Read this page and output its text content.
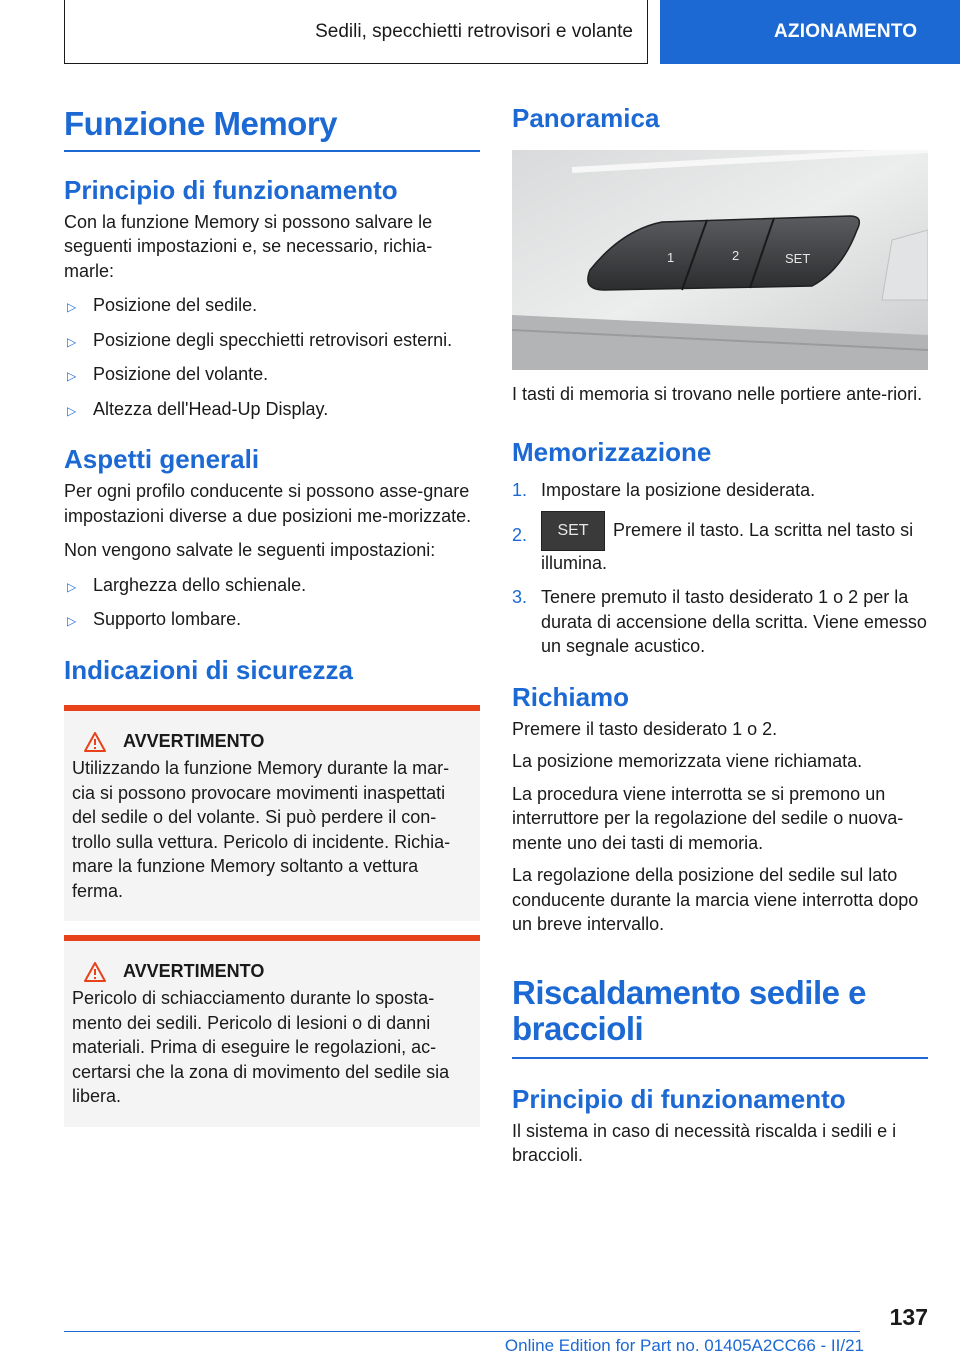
Sedili, specchietti retrovisori e volante	AZIONAMENTO
Funzione Memory
Principio di funzionamento
Con la funzione Memory si possono salvare le seguenti impostazioni e, se necessario, richia-marle:
▷ Posizione del sedile.
▷ Posizione degli specchietti retrovisori esterni.
▷ Posizione del volante.
▷ Altezza dell'Head-Up Display.
Aspetti generali
Per ogni profilo conducente si possono asse-gnare impostazioni diverse a due posizioni me-morizzate.
Non vengono salvate le seguenti impostazioni:
▷ Larghezza dello schienale.
▷ Supporto lombare.
Indicazioni di sicurezza
AVVERTIMENTO
Utilizzando la funzione Memory durante la mar-cia si possono provocare movimenti inaspettati del sedile o del volante. Si può perdere il con-trollo sulla vettura. Pericolo di incidente. Richia-mare la funzione Memory soltanto a vettura ferma.
AVVERTIMENTO
Pericolo di schiacciamento durante lo sposta-mento dei sedili. Pericolo di lesioni o di danni materiali. Prima di eseguire le regolazioni, ac-certarsi che la zona di movimento del sedile sia libera.
Panoramica
1	2	SET
I tasti di memoria si trovano nelle portiere ante-riori.
Memorizzazione
1. Impostare la posizione desiderata.
2. SET Premere il tasto. La scritta nel tasto si illumina.
3. Tenere premuto il tasto desiderato 1 o 2 per la durata di accensione della scritta. Viene emesso un segnale acustico.
Richiamo
Premere il tasto desiderato 1 o 2.
La posizione memorizzata viene richiamata.
La procedura viene interrotta se si premono un interruttore per la regolazione del sedile o nuova-mente uno dei tasti di memoria.
La regolazione della posizione del sedile sul lato conducente durante la marcia viene interrotta dopo un breve intervallo.
Riscaldamento sedile e
braccioli
Principio di funzionamento
Il sistema in caso di necessità riscalda i sedili e i braccioli.
137
Online Edition for Part no. 01405A2CC66 - II/21
